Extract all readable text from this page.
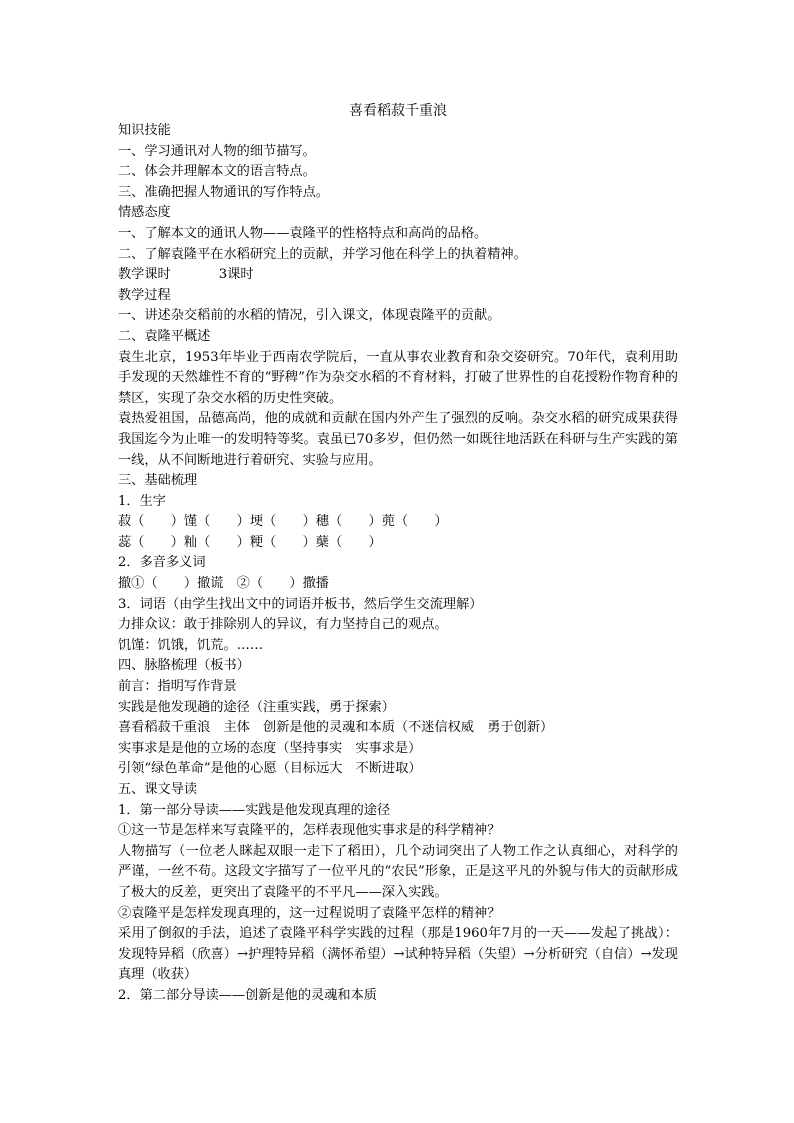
喜看稻菽千重浪
知识技能
一、学习通讯对人物的细节描写。
二、体会并理解本文的语言特点。
三、准确把握人物通讯的写作特点。
情感态度
一、了解本文的通讯人物——袁隆平的性格特点和高尚的品格。
二、了解袁隆平在水稻研究上的贡献，并学习他在科学上的执着精神。
教学课时	3课时
教学过程
一、讲述杂交稻前的水稻的情况，引入课文，体现袁隆平的贡献。
二、袁隆平概述
袁生北京，1953年毕业于西南农学院后，一直从事农业教育和杂交姿研究。70年代，袁利用助手发现的天然雄性不育的“野稗”作为杂交水稻的不育材料，打破了世界性的自花授粉作物育种的禁区，实现了杂交水稻的历史性突破。
袁热爱祖国，品德高尚，他的成就和贡献在国内外产生了强烈的反响。杂交水稻的研究成果获得我国迄今为止唯一的发明特等奖。袁虽已70多岁，但仍然一如既往地活跃在科研与生产实践的第一线，从不间断地进行着研究、实验与应用。
三、基础梳理
1．生字
菽（　　）馑（　　）埂（　　）穗（　　）蔸（　　）
蕊（　　）籼（　　）粳（　　）蘖（　　）
2．多音多义词
撤①（　　）撤谎　②（　　）撒播
3．词语（由学生找出文中的词语并板书，然后学生交流理解）
力排众议：敢于排除别人的异议，有力坚持自己的观点。
饥馑：饥饿，饥荒。……
四、脉胳梳理（板书）
前言：指明写作背景
实践是他发现趟的途径（注重实践，勇于探索）
喜看稻菽千重浪　主体　创新是他的灵魂和本质（不迷信权威　勇于创新）
实事求是是他的立场的态度（坚持事实　实事求是）
引领“绿色革命”是他的心愿（目标远大　不断进取）
五、课文导读
1．第一部分导读——实践是他发现真理的途径
①这一节是怎样来写袁隆平的，怎样表现他实事求是的科学精神？
人物描写（一位老人眯起双眼一走下了稻田），几个动词突出了人物工作之认真细心，对科学的严谨，一丝不苟。这段文字描写了一位平凡的“农民”形象，正是这平凡的外貌与伟大的贡献形成了极大的反差，更突出了袁隆平的不平凡——深入实践。
②袁隆平是怎样发现真理的，这一过程说明了袁隆平怎样的精神？
采用了倒叙的手法，追述了袁隆平科学实践的过程（那是1960年7月的一天——发起了挑战）：发现特异稻（欣喜）→护理特异稻（满怀希望）→试种特异稻（失望）→分析研究（自信）→发现真理（收获）
2．第二部分导读——创新是他的灵魂和本质
